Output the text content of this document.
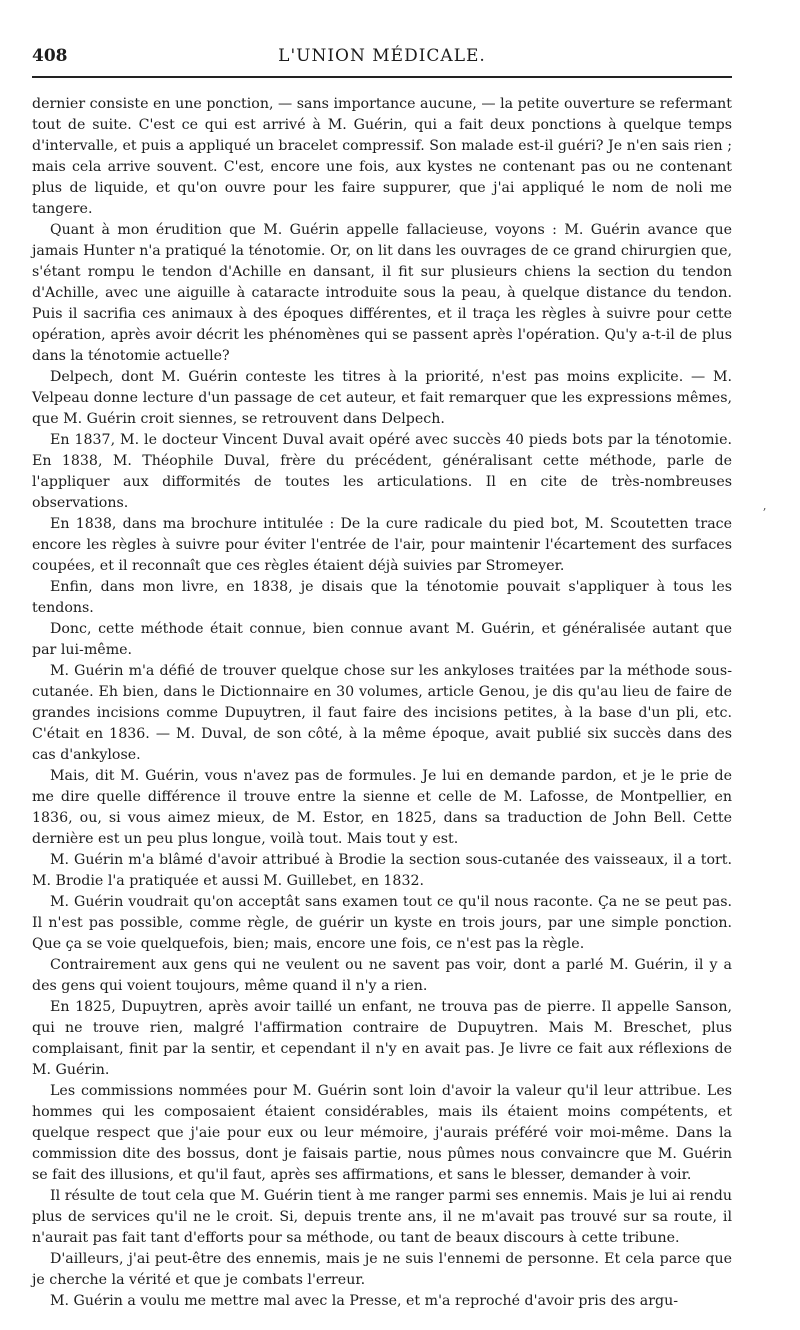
408	L'UNION MÉDICALE.

dernier consiste en une ponction, — sans importance aucune, — la petite ouverture se refermant tout de suite. C'est ce qui est arrivé à M. Guérin, qui a fait deux ponctions à quelque temps d'intervalle, et puis a appliqué un bracelet compressif. Son malade est-il guéri? Je n'en sais rien ; mais cela arrive souvent. C'est, encore une fois, aux kystes ne contenant pas ou ne contenant plus de liquide, et qu'on ouvre pour les faire suppurer, que j'ai appliqué le nom de noli me tangere.

Quant à mon érudition que M. Guérin appelle fallacieuse, voyons : M. Guérin avance que jamais Hunter n'a pratiqué la ténotomie. Or, on lit dans les ouvrages de ce grand chirurgien que, s'étant rompu le tendon d'Achille en dansant, il fit sur plusieurs chiens la section du tendon d'Achille, avec une aiguille à cataracte introduite sous la peau, à quelque distance du tendon. Puis il sacrifia ces animaux à des époques différentes, et il traça les règles à suivre pour cette opération, après avoir décrit les phénomènes qui se passent après l'opération. Qu'y a-t-il de plus dans la ténotomie actuelle?

Delpech, dont M. Guérin conteste les titres à la priorité, n'est pas moins explicite. — M. Velpeau donne lecture d'un passage de cet auteur, et fait remarquer que les expressions mêmes, que M. Guérin croit siennes, se retrouvent dans Delpech.

En 1837, M. le docteur Vincent Duval avait opéré avec succès 40 pieds bots par la ténotomie. En 1838, M. Théophile Duval, frère du précédent, généralisant cette méthode, parle de l'appliquer aux difformités de toutes les articulations. Il en cite de très-nombreuses observations.

En 1838, dans ma brochure intitulée : De la cure radicale du pied bot, M. Scoutetten trace encore les règles à suivre pour éviter l'entrée de l'air, pour maintenir l'écartement des surfaces coupées, et il reconnaît que ces règles étaient déjà suivies par Stromeyer.

Enfin, dans mon livre, en 1838, je disais que la ténotomie pouvait s'appliquer à tous les tendons.

Donc, cette méthode était connue, bien connue avant M. Guérin, et généralisée autant que par lui-même.

M. Guérin m'a défié de trouver quelque chose sur les ankyloses traitées par la méthode sous-cutanée. Eh bien, dans le Dictionnaire en 30 volumes, article Genou, je dis qu'au lieu de faire de grandes incisions comme Dupuytren, il faut faire des incisions petites, à la base d'un pli, etc. C'était en 1836. — M. Duval, de son côté, à la même époque, avait publié six succès dans des cas d'ankylose.

Mais, dit M. Guérin, vous n'avez pas de formules. Je lui en demande pardon, et je le prie de me dire quelle différence il trouve entre la sienne et celle de M. Lafosse, de Montpellier, en 1836, ou, si vous aimez mieux, de M. Estor, en 1825, dans sa traduction de John Bell. Cette dernière est un peu plus longue, voilà tout. Mais tout y est.

M. Guérin m'a blâmé d'avoir attribué à Brodie la section sous-cutanée des vaisseaux, il a tort. M. Brodie l'a pratiquée et aussi M. Guillebet, en 1832.

M. Guérin voudrait qu'on acceptât sans examen tout ce qu'il nous raconte. Ça ne se peut pas. Il n'est pas possible, comme règle, de guérir un kyste en trois jours, par une simple ponction. Que ça se voie quelquefois, bien; mais, encore une fois, ce n'est pas la règle.

Contrairement aux gens qui ne veulent ou ne savent pas voir, dont a parlé M. Guérin, il y a des gens qui voient toujours, même quand il n'y a rien.

En 1825, Dupuytren, après avoir taillé un enfant, ne trouva pas de pierre. Il appelle Sanson, qui ne trouve rien, malgré l'affirmation contraire de Dupuytren. Mais M. Breschet, plus complaisant, finit par la sentir, et cependant il n'y en avait pas. Je livre ce fait aux réflexions de M. Guérin.

Les commissions nommées pour M. Guérin sont loin d'avoir la valeur qu'il leur attribue. Les hommes qui les composaient étaient considérables, mais ils étaient moins compétents, et quelque respect que j'aie pour eux ou leur mémoire, j'aurais préféré voir moi-même. Dans la commission dite des bossus, dont je faisais partie, nous pûmes nous convaincre que M. Guérin se fait des illusions, et qu'il faut, après ses affirmations, et sans le blesser, demander à voir.

Il résulte de tout cela que M. Guérin tient à me ranger parmi ses ennemis. Mais je lui ai rendu plus de services qu'il ne le croit. Si, depuis trente ans, il ne m'avait pas trouvé sur sa route, il n'aurait pas fait tant d'efforts pour sa méthode, ou tant de beaux discours à cette tribune.

D'ailleurs, j'ai peut-être des ennemis, mais je ne suis l'ennemi de personne. Et cela parce que je cherche la vérité et que je combats l'erreur.

M. Guérin a voulu me mettre mal avec la Presse, et m'a reproché d'avoir pris des argu-

ʼ
